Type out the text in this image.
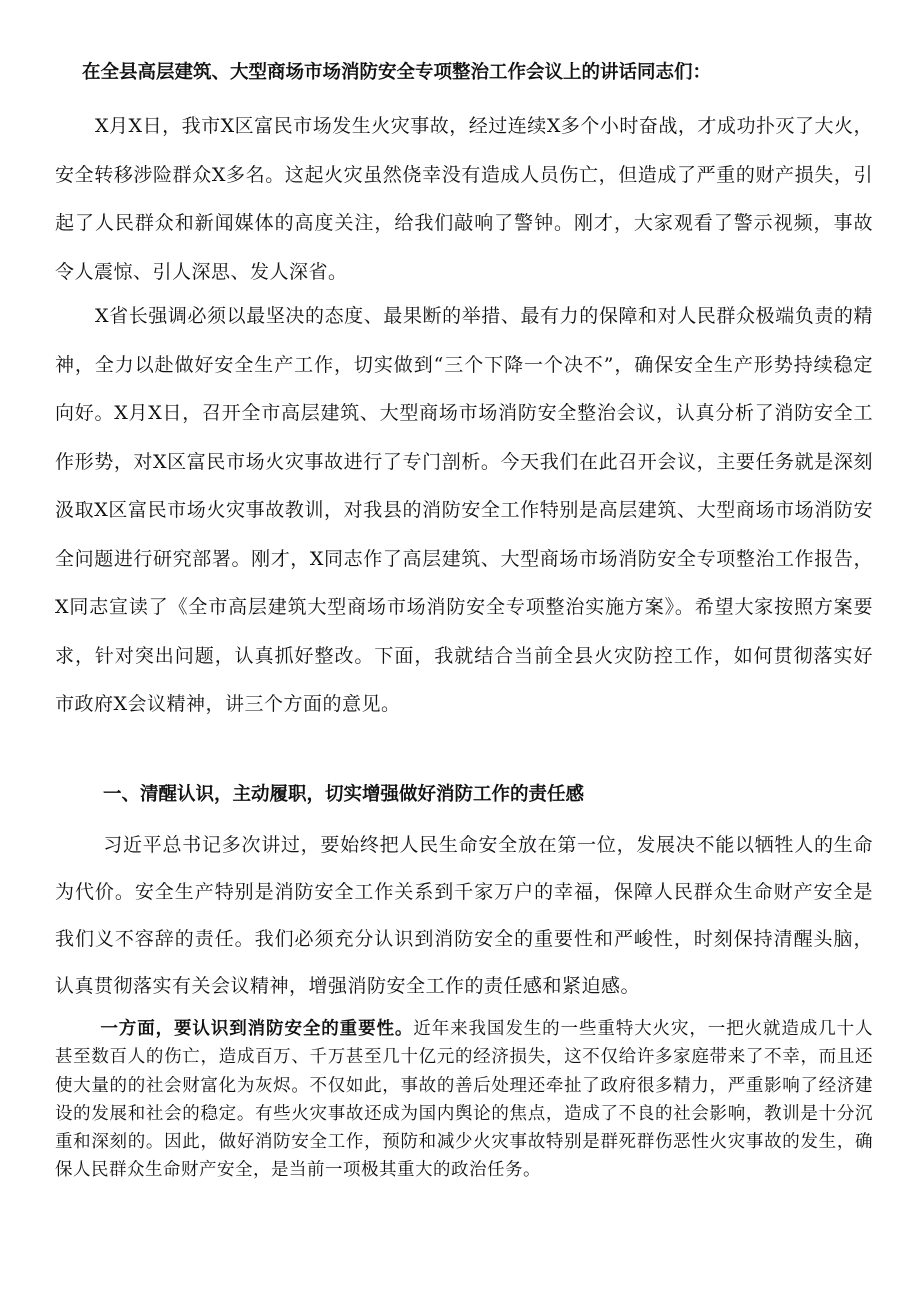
在全县高层建筑、大型商场市场消防安全专项整治工作会议上的讲话同志们：

X月X日，我市X区富民市场发生火灾事故，经过连续X多个小时奋战，才成功扑灭了大火，安全转移涉险群众X多名。这起火灾虽然侥幸没有造成人员伤亡，但造成了严重的财产损失，引起了人民群众和新闻媒体的高度关注，给我们敲响了警钟。刚才，大家观看了警示视频，事故令人震惊、引人深思、发人深省。

X省长强调必须以最坚决的态度、最果断的举措、最有力的保障和对人民群众极端负责的精神，全力以赴做好安全生产工作，切实做到“三个下降一个决不”，确保安全生产形势持续稳定向好。X月X日，召开全市高层建筑、大型商场市场消防安全整治会议，认真分析了消防安全工作形势，对X区富民市场火灾事故进行了专门剖析。今天我们在此召开会议，主要任务就是深刻汲取X区富民市场火灾事故教训，对我县的消防安全工作特别是高层建筑、大型商场市场消防安全问题进行研究部署。刚才，X同志作了高层建筑、大型商场市场消防安全专项整治工作报告，X同志宣读了《全市高层建筑大型商场市场消防安全专项整治实施方案》。希望大家按照方案要求，针对突出问题，认真抓好整改。下面，我就结合当前全县火灾防控工作，如何贯彻落实好市政府X会议精神，讲三个方面的意见。

一、清醒认识，主动履职，切实增强做好消防工作的责任感

习近平总书记多次讲过，要始终把人民生命安全放在第一位，发展决不能以牺牲人的生命为代价。安全生产特别是消防安全工作关系到千家万户的幸福，保障人民群众生命财产安全是我们义不容辞的责任。我们必须充分认识到消防安全的重要性和严峻性，时刻保持清醒头脑，认真贯彻落实有关会议精神，增强消防安全工作的责任感和紧迫感。

一方面，要认识到消防安全的重要性。近年来我国发生的一些重特大火灾，一把火就造成几十人甚至数百人的伤亡，造成百万、千万甚至几十亿元的经济损失，这不仅给许多家庭带来了不幸，而且还使大量的的社会财富化为灰烬。不仅如此，事故的善后处理还牵扯了政府很多精力，严重影响了经济建设的发展和社会的稳定。有些火灾事故还成为国内舆论的焦点，造成了不良的社会影响，教训是十分沉重和深刻的。因此，做好消防安全工作，预防和减少火灾事故特别是群死群伤恶性火灾事故的发生，确保人民群众生命财产安全，是当前一项极其重大的政治任务。
